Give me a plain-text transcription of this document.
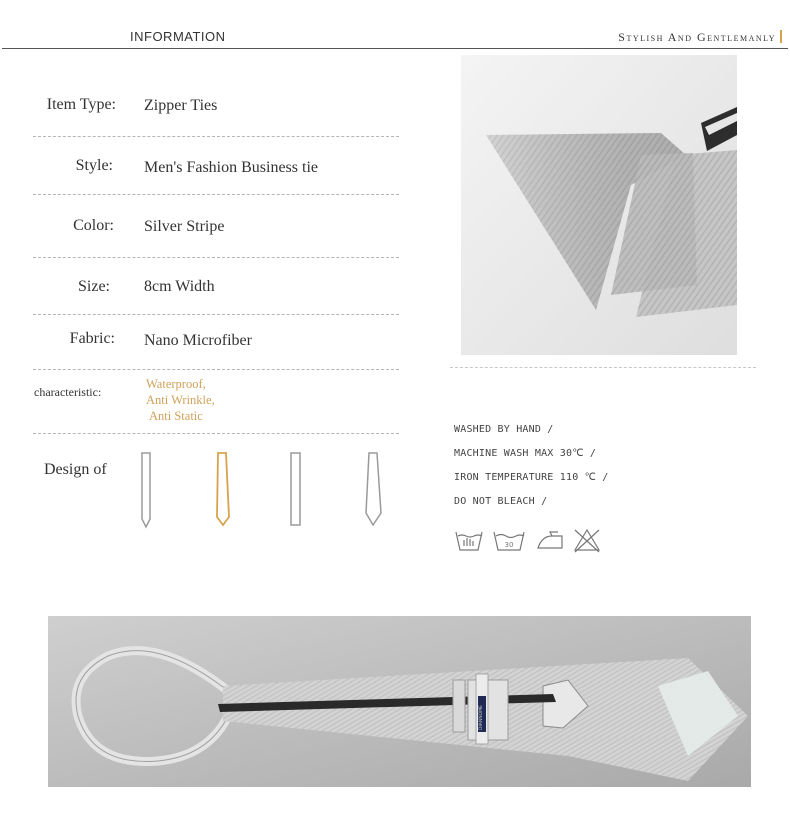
INFORMATION	Stylish And Gentlemanly
Item Type: Zipper Ties
Style: Men's Fashion Business tie
Color: Silver Stripe
Size: 8cm Width
Fabric: Nano Microfiber
characteristic:
Waterproof,
Anti Wrinkle,
Anti Static
Design of
WASHED BY HAND /
MACHINE WASH MAX 30℃ /
IRON TEMPERATURE 110 ℃ /
DO NOT BLEACH /
30
DIANNOME
